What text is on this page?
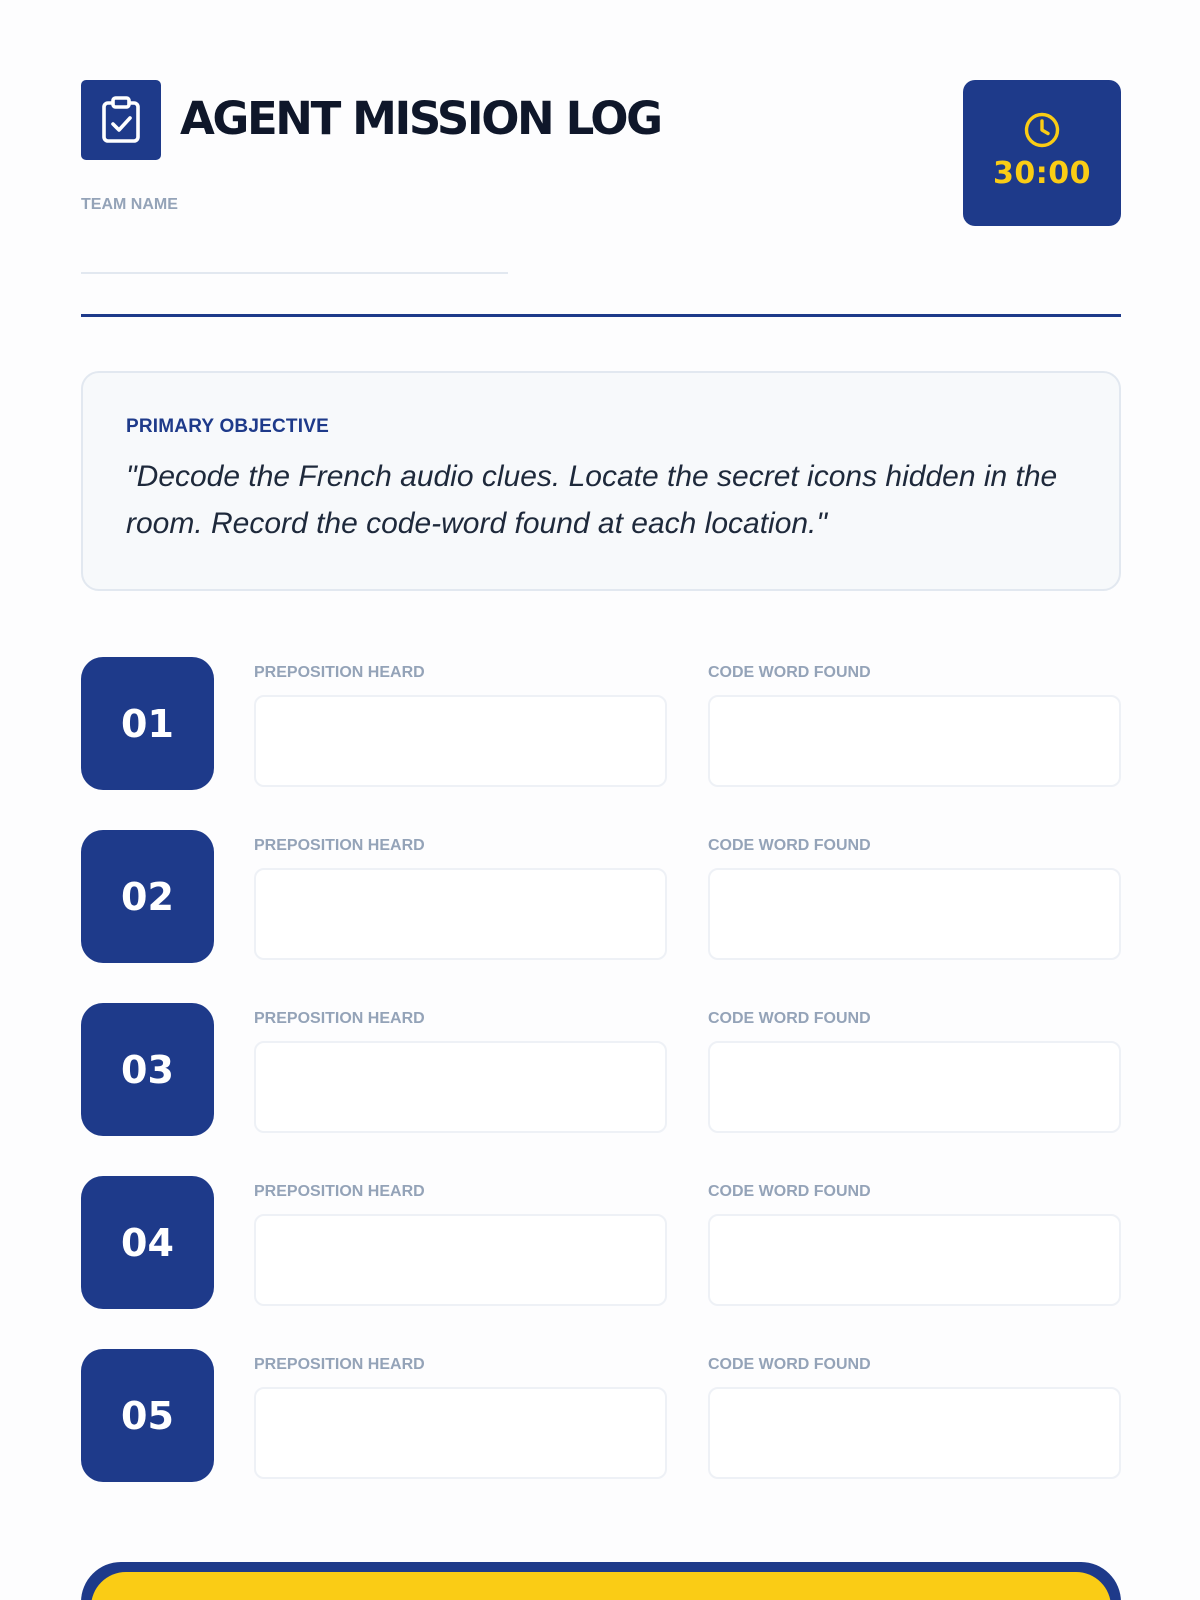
AGENT MISSION LOG
TEAM NAME
30:00
PRIMARY OBJECTIVE

"Decode the French audio clues. Locate the secret icons hidden in the room. Record the code-word found at each location."

01
PREPOSITION HEARD	CODE WORD FOUND
02
PREPOSITION HEARD	CODE WORD FOUND
03
PREPOSITION HEARD	CODE WORD FOUND
04
PREPOSITION HEARD	CODE WORD FOUND
05
PREPOSITION HEARD	CODE WORD FOUND
